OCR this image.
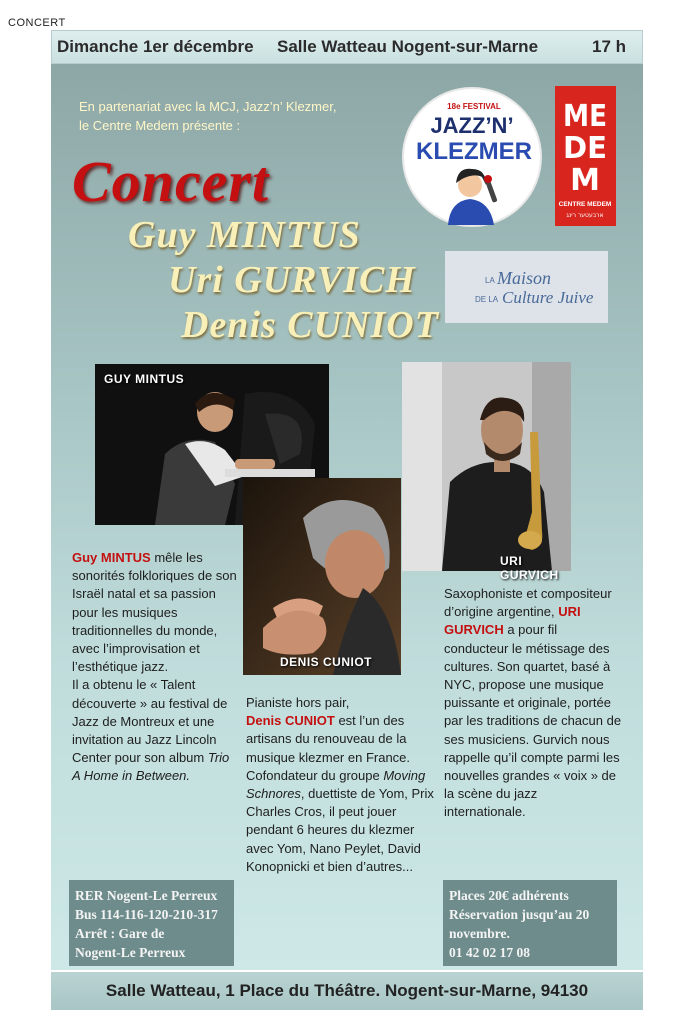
CONCERT
Dimanche 1er décembre Salle Watteau Nogent-sur-Marne	17 h
En partenariat avec la MCJ, Jazz’n’ Klezmer,
le Centre Medem présente :
Concert
Guy MINTUS
Uri GURVICH
Denis CUNIOT
18e FESTIVAL
JAZZ’N’
KLEZMER
ME
DE
M
CENTRE MEDEM
ארבעטער רינג
LA Maison
DE LA Culture Juive
GUY MINTUS
URI GURVICH
DENIS CUNIOT
Guy MINTUS mêle les sonorités folkloriques de son Israël natal et sa passion pour les musiques traditionnelles du monde, avec l’improvisation et l’esthétique jazz.
Il a obtenu le « Talent découverte » au festival de Jazz de Montreux et une invitation au Jazz Lincoln Center pour son album Trio A Home in Between.
Pianiste hors pair,
Denis CUNIOT est l’un des artisans du renouveau de la musique klezmer en France. Cofondateur du groupe Moving Schnores, duettiste de Yom, Prix Charles Cros, il peut jouer pendant 6 heures du klezmer avec Yom, Nano Peylet, David Konopnicki et bien d’autres...
Saxophoniste et compositeur d’origine argentine, URI GURVICH a pour fil conducteur le métissage des cultures. Son quartet, basé à NYC, propose une musique puissante et originale, portée par les traditions de chacun de ses musiciens. Gurvich nous rappelle qu’il compte parmi les nouvelles grandes « voix » de la scène du jazz internationale.
RER Nogent-Le Perreux
Bus 114-116-120-210-317
Arrêt : Gare de
Nogent-Le Perreux
Places 20€ adhérents
Réservation jusqu’au 20
novembre.
01 42 02 17 08
Salle Watteau, 1 Place du Théâtre. Nogent-sur-Marne, 94130
